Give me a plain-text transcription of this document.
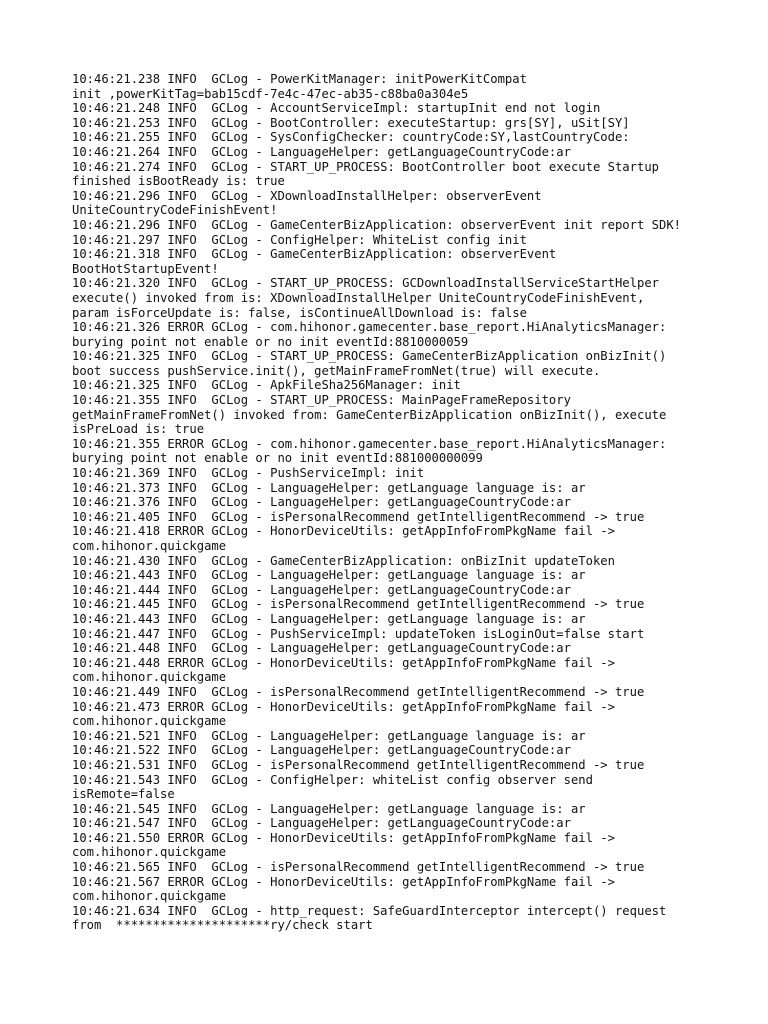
10:46:21.238 INFO  GCLog - PowerKitManager: initPowerKitCompat

init ,powerKitTag=bab15cdf-7e4c-47ec-ab35-c88ba0a304e5

10:46:21.248 INFO  GCLog - AccountServiceImpl: startupInit end not login

10:46:21.253 INFO  GCLog - BootController: executeStartup: grs[SY], uSit[SY]

10:46:21.255 INFO  GCLog - SysConfigChecker: countryCode:SY,lastCountryCode:

10:46:21.264 INFO  GCLog - LanguageHelper: getLanguageCountryCode:ar

10:46:21.274 INFO  GCLog - START_UP_PROCESS: BootController boot execute Startup

finished isBootReady is: true

10:46:21.296 INFO  GCLog - XDownloadInstallHelper: observerEvent

UniteCountryCodeFinishEvent!

10:46:21.296 INFO  GCLog - GameCenterBizApplication: observerEvent init report SDK!

10:46:21.297 INFO  GCLog - ConfigHelper: WhiteList config init

10:46:21.318 INFO  GCLog - GameCenterBizApplication: observerEvent

BootHotStartupEvent!

10:46:21.320 INFO  GCLog - START_UP_PROCESS: GCDownloadInstallServiceStartHelper

execute() invoked from is: XDownloadInstallHelper UniteCountryCodeFinishEvent,

param isForceUpdate is: false, isContinueAllDownload is: false

10:46:21.326 ERROR GCLog - com.hihonor.gamecenter.base_report.HiAnalyticsManager:

burying point not enable or no init eventId:8810000059

10:46:21.325 INFO  GCLog - START_UP_PROCESS: GameCenterBizApplication onBizInit()

boot success pushService.init(), getMainFrameFromNet(true) will execute.

10:46:21.325 INFO  GCLog - ApkFileSha256Manager: init

10:46:21.355 INFO  GCLog - START_UP_PROCESS: MainPageFrameRepository

getMainFrameFromNet() invoked from: GameCenterBizApplication onBizInit(), execute

isPreLoad is: true

10:46:21.355 ERROR GCLog - com.hihonor.gamecenter.base_report.HiAnalyticsManager:

burying point not enable or no init eventId:881000000099

10:46:21.369 INFO  GCLog - PushServiceImpl: init

10:46:21.373 INFO  GCLog - LanguageHelper: getLanguage language is: ar

10:46:21.376 INFO  GCLog - LanguageHelper: getLanguageCountryCode:ar

10:46:21.405 INFO  GCLog - isPersonalRecommend getIntelligentRecommend -> true

10:46:21.418 ERROR GCLog - HonorDeviceUtils: getAppInfoFromPkgName fail ->

com.hihonor.quickgame

10:46:21.430 INFO  GCLog - GameCenterBizApplication: onBizInit updateToken

10:46:21.443 INFO  GCLog - LanguageHelper: getLanguage language is: ar

10:46:21.444 INFO  GCLog - LanguageHelper: getLanguageCountryCode:ar

10:46:21.445 INFO  GCLog - isPersonalRecommend getIntelligentRecommend -> true

10:46:21.443 INFO  GCLog - LanguageHelper: getLanguage language is: ar

10:46:21.447 INFO  GCLog - PushServiceImpl: updateToken isLoginOut=false start

10:46:21.448 INFO  GCLog - LanguageHelper: getLanguageCountryCode:ar

10:46:21.448 ERROR GCLog - HonorDeviceUtils: getAppInfoFromPkgName fail ->

com.hihonor.quickgame

10:46:21.449 INFO  GCLog - isPersonalRecommend getIntelligentRecommend -> true

10:46:21.473 ERROR GCLog - HonorDeviceUtils: getAppInfoFromPkgName fail ->

com.hihonor.quickgame

10:46:21.521 INFO  GCLog - LanguageHelper: getLanguage language is: ar

10:46:21.522 INFO  GCLog - LanguageHelper: getLanguageCountryCode:ar

10:46:21.531 INFO  GCLog - isPersonalRecommend getIntelligentRecommend -> true

10:46:21.543 INFO  GCLog - ConfigHelper: whiteList config observer send

isRemote=false

10:46:21.545 INFO  GCLog - LanguageHelper: getLanguage language is: ar

10:46:21.547 INFO  GCLog - LanguageHelper: getLanguageCountryCode:ar

10:46:21.550 ERROR GCLog - HonorDeviceUtils: getAppInfoFromPkgName fail ->

com.hihonor.quickgame

10:46:21.565 INFO  GCLog - isPersonalRecommend getIntelligentRecommend -> true

10:46:21.567 ERROR GCLog - HonorDeviceUtils: getAppInfoFromPkgName fail ->

com.hihonor.quickgame

10:46:21.634 INFO  GCLog - http_request: SafeGuardInterceptor intercept() request

from  *********************ry/check start
